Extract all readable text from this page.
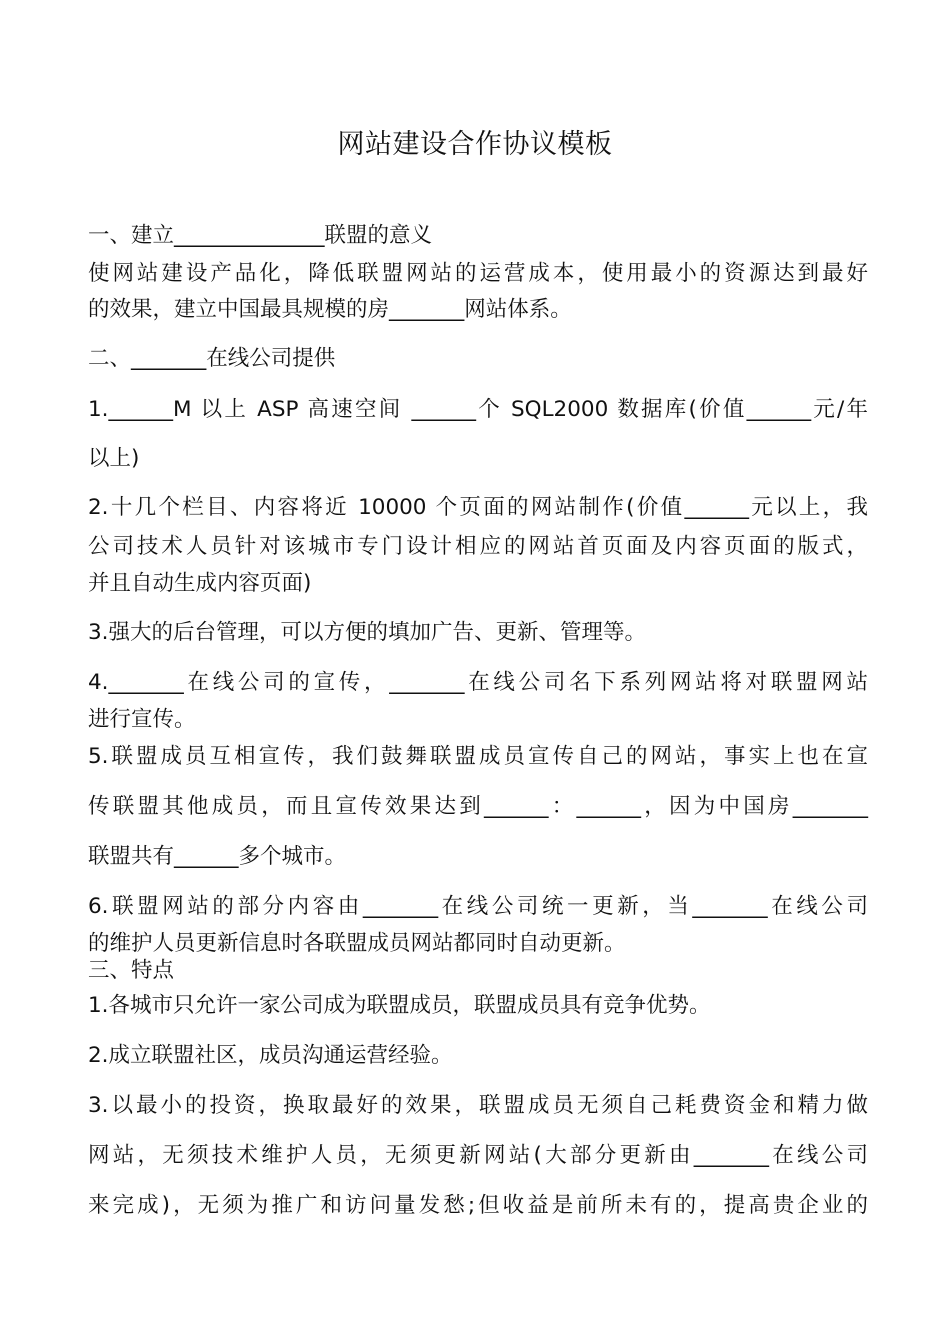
网站建设合作协议模板
一、建立______________联盟的意义
使网站建设产品化，降低联盟网站的运营成本，使用最小的资源达到最好
的效果，建立中国最具规模的房_______网站体系。
二、_______在线公司提供
1.______M 以上 ASP 高速空间 ______个 SQL2000 数据库(价值______元/年
以上)
2.十几个栏目、内容将近 10000 个页面的网站制作(价值______元以上，我
公司技术人员针对该城市专门设计相应的网站首页面及内容页面的版式，
并且自动生成内容页面)
3.强大的后台管理，可以方便的填加广告、更新、管理等。
4._______在线公司的宣传，_______在线公司名下系列网站将对联盟网站
进行宣传。
5.联盟成员互相宣传，我们鼓舞联盟成员宣传自己的网站，事实上也在宣
传联盟其他成员，而且宣传效果达到______：______，因为中国房_______
联盟共有______多个城市。
6.联盟网站的部分内容由_______在线公司统一更新，当_______在线公司
的维护人员更新信息时各联盟成员网站都同时自动更新。
三、特点
1.各城市只允许一家公司成为联盟成员，联盟成员具有竞争优势。
2.成立联盟社区，成员沟通运营经验。
3.以最小的投资，换取最好的效果，联盟成员无须自己耗费资金和精力做
网站，无须技术维护人员，无须更新网站(大部分更新由_______在线公司
来完成)，无须为推广和访问量发愁;但收益是前所未有的，提高贵企业的
